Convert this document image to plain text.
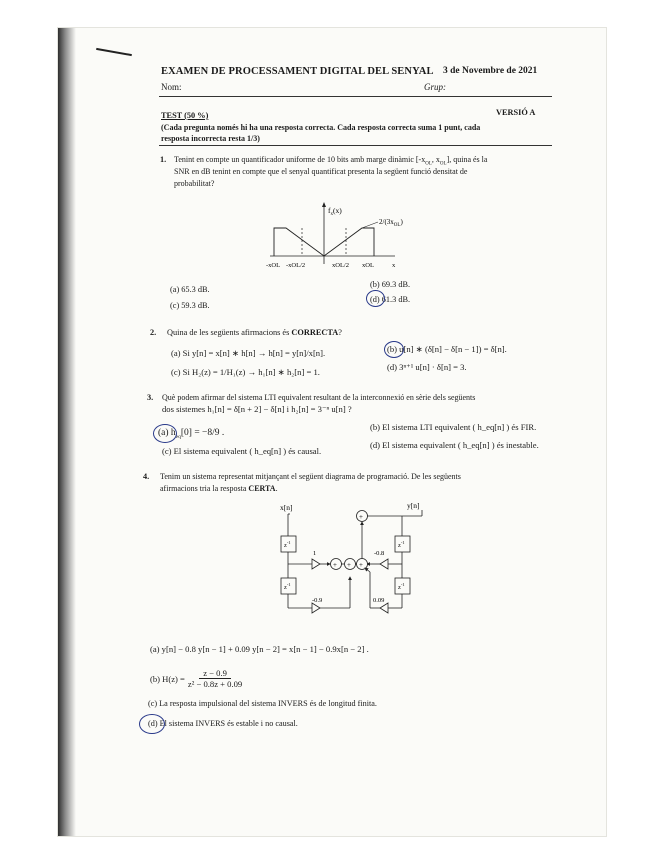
EXAMEN DE PROCESSAMENT DIGITAL DEL SENYAL 3 de Novembre de 2021
Nom:	Grup:
TEST (50 %)	VERSIÓ A
(Cada pregunta només hi ha una resposta correcta. Cada resposta correcta suma 1 punt, cada
resposta incorrecta resta 1/3)
1. Tenint en compte un quantificador uniforme de 10 bits amb marge dinàmic [$-x_{OL}$, $x_{OL}$], quina és la
SNR en dB tenint en compte que el senyal quantificat presenta la següent funció densitat de
probabilitat?
$f_x(x)$
$2/(3x_{OL})$
-xOL -xOL/2	xOL/2 xOL	x
(a) 65.3 dB.
(b) 69.3 dB.
(c) 59.3 dB.
(d) 61.3 dB.
2. Quina de les següents afirmacions és CORRECTA?
(a) Si y[n] = x[n] ∗ h[n] → h[n] = y[n]/x[n].	(b) u[n] ∗ (δ[n] − δ[n − 1]) = δ[n].
(c) Si H₂(z) = 1/H₁(z) → h₁[n] ∗ h₂[n] = 1.	(d) 3ⁿ⁺¹ u[n] · δ[n] = 3.
3. Què podem afirmar del sistema LTI equivalent resultant de la interconnexió en sèrie dels següents
dos sistemes h₁[n] = δ[n + 2] − δ[n] i h₂[n] = 3⁻ⁿ u[n] ?
(a) $h_{eq}[0] = -8/9$ .
(b) El sistema LTI equivalent ( h_eq[n] ) és FIR.
(c) El sistema equivalent ( h_eq[n] ) és causal.
(d) El sistema equivalent ( h_eq[n] ) és inestable.
4. Tenim un sistema representat mitjançant el següent diagrama de programació. De les següents
afirmacions tria la resposta CERTA.
x[n]	y[n]
$z^{-1}$
$z^{-1}$
$z^{-1}$
$z^{-1}$
1
-0.9
-0.8
0.09
+ + +
+
(a) y[n] − 0.8 y[n − 1] + 0.09 y[n − 2] = x[n − 1] − 0.9x[n − 2] .
(b) $H(z) = \frac{z - 0.9}{\text{z² − 0.8z + 0.09}}$
(c) La resposta impulsional del sistema INVERS és de longitud finita.
(d) El sistema INVERS és estable i no causal.
